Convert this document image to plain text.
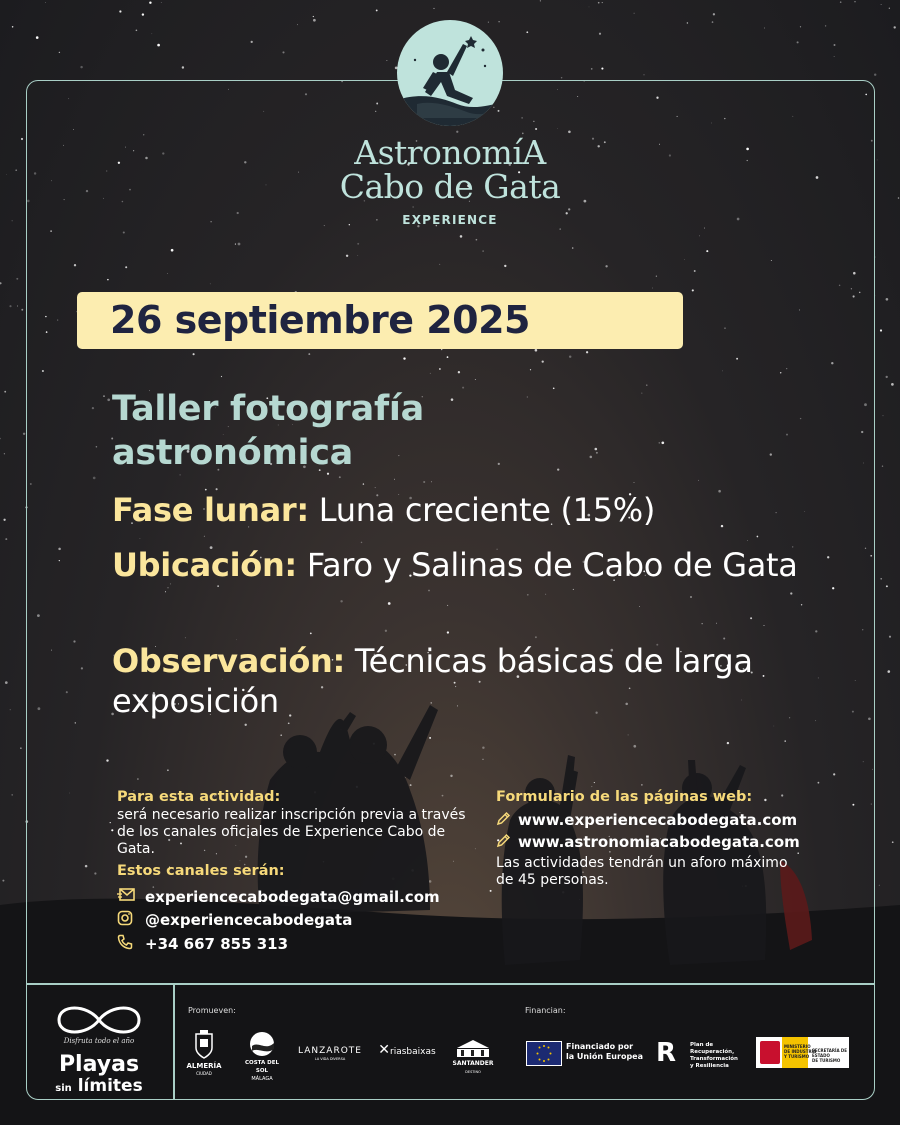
AstronomíA
Cabo de Gata
EXPERIENCE
26 septiembre 2025
Taller fotografía
astronómica
Fase lunar: Luna creciente (15%)
Ubicación: Faro y Salinas de Cabo de Gata
Observación: Técnicas básicas de larga exposición
Para esta actividad:
será necesario realizar inscripción previa a través de los canales oficiales de Experience Cabo de Gata.
Estos canales serán:
experiencecabodegata@gmail.com
@experiencecabodegata
+34 667 855 313
Formulario de las páginas web:
www.experiencecabodegata.com
www.astronomiacabodegata.com
Las actividades tendrán un aforo máximo de 45 personas.
Disfruta todo el año
Playas
sin límites
Promueven:	Financian:
ALMERÍA
CIUDAD
COSTA DEL SOL
MÁLAGA
LANZAROTE
LA VIDA DIVERSA
✕riasbaixas
SANTANDER
DESTINO
Financiado por
la Unión Europea R	Plan de
Recuperación,
Transformación
y Resiliencia
MINISTERIO
DE INDUSTRIA
Y TURISMO
SECRETARÍA DE ESTADO
DE TURISMO
